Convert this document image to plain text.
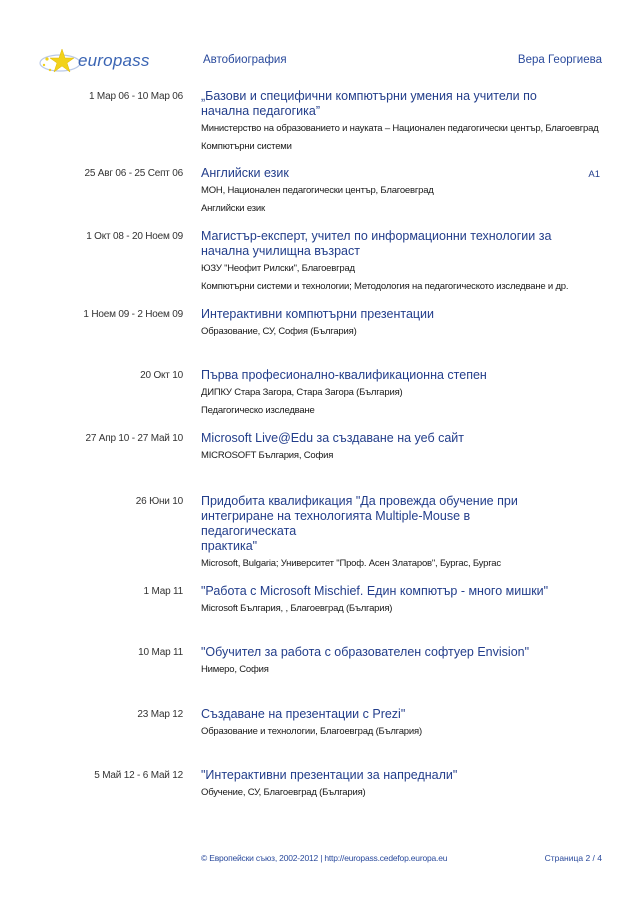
europass	Автобиография	Вера Георгиева
1 Мар 06 - 10 Мар 06 „Базови и специфични компютърни умения на учители по
начална педагогика”
Министерство на образованието и науката – Национален педагогически център, Благоевград
Компютърни системи
25 Авг 06 - 25 Септ 06 Английски език
МОН, Национален педагогически център, Благоевград
Английски език
A1
1 Окт 08 - 20 Ноем 09 Магистър-експерт, учител по информационни технологии за
начална училищна възраст
ЮЗУ "Неофит Рилски", Благоевград
Компютърни системи и технологии; Методология на педагогическото изследване и др.
1 Ноем 09 - 2 Ноем 09 Интерактивни компютърни презентации
Образование, СУ, София (България)
20 Окт 10 Първа професионално-квалификационна степен
ДИПКУ Стара Загора, Стара Загора (България)
Педагогическо изследване
27 Апр 10 - 27 Май 10 Microsoft Live@Edu за създаване на уеб сайт
MICROSOFT България, София
26 Юни 10 Придобита квалификация "Да провежда обучение при
интегриране на технологията Multiple-Mouse в педагогическата
практика"
Microsoft, Bulgaria; Университет "Проф. Асен Златаров", Бургас, Бургас
1 Мар 11 "Работа с Microsoft Mischief. Един компютър - много мишки"
Microsoft България, , Благоевград (България)
10 Мар 11 "Обучител за работа с образователен софтуер Envision"
Нимеро, София
23 Мар 12 Създаване на презентации с Prezi"
Образование и технологии, Благоевград (България)
5 Май 12 - 6 Май 12 "Интерактивни презентации за напреднали"
Обучение, СУ, Благоевград (България)
© Европейски съюз, 2002-2012 | http://europass.cedefop.europa.eu	Страница 2 / 4
